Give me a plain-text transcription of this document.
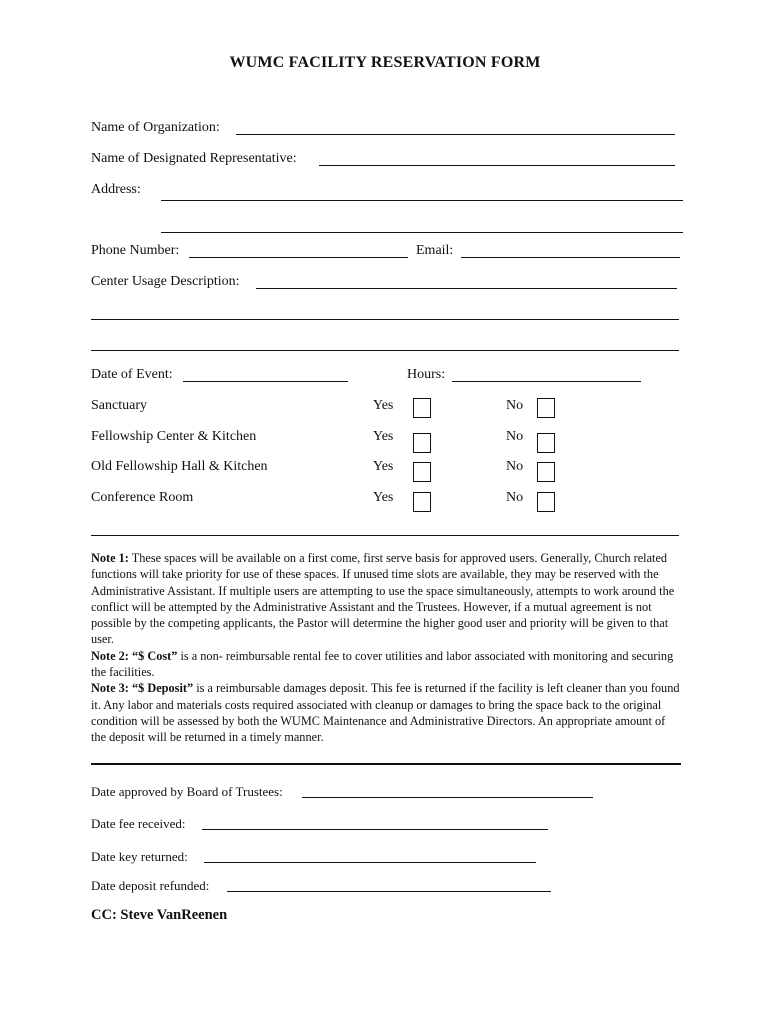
WUMC FACILITY RESERVATION FORM
Name of Organization:
Name of Designated Representative:
Address:
Phone Number:	Email:
Center Usage Description:
Date of Event:	Hours:
Sanctuary	Yes	No
Fellowship Center & Kitchen	Yes	No
Old Fellowship Hall & Kitchen	Yes	No
Conference Room	Yes	No

Note 1: These spaces will be available on a first come, first serve basis for approved users. Generally, Church related functions will take priority for use of these spaces. If unused time slots are available, they may be reserved with the Administrative Assistant. If multiple users are attempting to use the space simultaneously, attempts to work around the conflict will be attempted by the Administrative Assistant and the Trustees. However, if a mutual agreement is not possible by the competing applicants, the Pastor will determine the higher good user and priority will be given to that user.

Note 2: “$ Cost” is a non- reimbursable rental fee to cover utilities and labor associated with monitoring and securing the facilities.

Note 3: “$ Deposit” is a reimbursable damages deposit. This fee is returned if the facility is left cleaner than you found it. Any labor and materials costs required associated with cleanup or damages to bring the space back to the original condition will be assessed by both the WUMC Maintenance and Administrative Directors. An appropriate amount of the deposit will be returned in a timely manner.

Date approved by Board of Trustees:
Date fee received:
Date key returned:
Date deposit refunded:
CC: Steve VanReenen
